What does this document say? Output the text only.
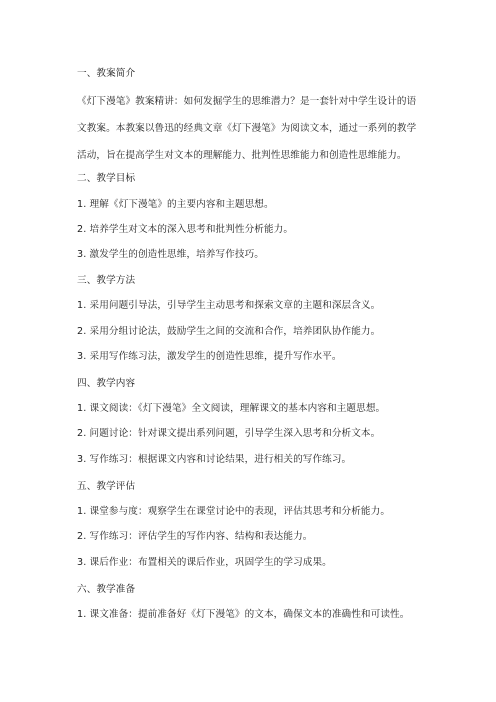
一、教案简介
《灯下漫笔》教案精讲：如何发掘学生的思维潜力？是一套针对中学生设计的语
文教案。本教案以鲁迅的经典文章《灯下漫笔》为阅读文本，通过一系列的教学
活动，旨在提高学生对文本的理解能力、批判性思维能力和创造性思维能力。
二、教学目标
1. 理解《灯下漫笔》的主要内容和主题思想。
2. 培养学生对文本的深入思考和批判性分析能力。
3. 激发学生的创造性思维，培养写作技巧。
三、教学方法
1. 采用问题引导法，引导学生主动思考和探索文章的主题和深层含义。
2. 采用分组讨论法，鼓励学生之间的交流和合作，培养团队协作能力。
3. 采用写作练习法，激发学生的创造性思维，提升写作水平。
四、教学内容
1. 课文阅读：《灯下漫笔》全文阅读，理解课文的基本内容和主题思想。
2. 问题讨论：针对课文提出系列问题，引导学生深入思考和分析文本。
3. 写作练习：根据课文内容和讨论结果，进行相关的写作练习。
五、教学评估
1. 课堂参与度：观察学生在课堂讨论中的表现，评估其思考和分析能力。
2. 写作练习：评估学生的写作内容、结构和表达能力。
3. 课后作业：布置相关的课后作业，巩固学生的学习成果。
六、教学准备
1. 课文准备：提前准备好《灯下漫笔》的文本，确保文本的准确性和可读性。
